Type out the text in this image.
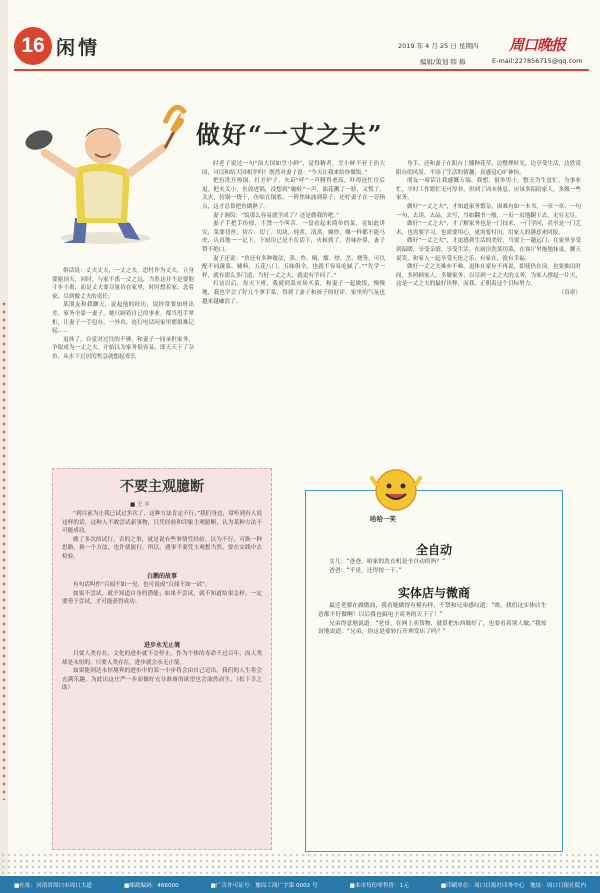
16 闲情	2019 年 4 月 25 日 星期四 周口晚报
编辑/策划 韩 梅	E-mail:227856715@qq.com
做好“一丈之夫”

俗话说：丈夫丈夫，一丈之夫。思忖作为丈夫，立身要能顶天，同时，与家不离一丈之远，当然这并不是要他寸步不离，而是丈夫要尽量待在家里，时时想着家，念着家，尽到做丈夫的责任。

某朋友和我聊天，说起他的经历，说经常要加班出差，家务全靠一妻子，她只顾着自己的事业，都当甩手掌柜，让妻子一手包办，一外出，连打电话问家里都很难记起……

退休了，自觉对过往的不够，和妻子一同承担家务，争取成为一丈之夫。开始以为家务很容易，即天天下了杂鱼，从水下过居的焦急就想起香长

时老子说过一句“治大国如烹小鲜”，觉得精者，烹小鲜不亚于治大国，可以和给大国相差吗？既然对妻子说：“今天让我来给你做饭。”

把鱼洗开热锅，打开炉子，火苗“呼”一声腾得老高，吓得连忙往后退，把火关小，鱼放进锅，没想到“嗞啦”一声，油花溅了一脸，又慌了，关火，待锅一烧干，鱼贴在锅底，一阵焦味涌到鼻子，还好妻子在一旁指点，这才总算把鱼做熟了。

妻子调侃：“饭那么容易就学成了？还是做我的吧。”

妻子手把手传授，不禁一个叫苦。一盘看起来简单的菜，竟如此讲究，菜要切丝、切片、切丁、切块，炖煮、清蒸、爆炒，哪一样都不能马虎，认真地一一记下，下厨房已是不在话下，火候到了，香味扑鼻，妻子赞不绝口。

妻子还说：“鱼还有多种做法，蒸、炸、焖、熘、炒、烹、烧等，可以配不同蔬菜、辅料，五花八门，五味俱全，也就不容易吃腻了。”“先学一样，就有那么多门道，当好一丈之夫，就更有学问了。”

打这以后，每天下班，我就到菜市场买菜，和妻子一起做饭，慢慢地，我也学会了好几个拿手菜，得到了妻子和孩子的好评，家里的气氛也越来越融洽了。

身手，还和妻子在阳台上播种花草，边整理时光，边享受生活，边欣赏阳台的风景，平添了生活的情趣，真感觉心旷神怡。

朋友一席话让我感慨万端。我想，很多男士，整天为生意忙、为事业忙，平时工作繁忙无可厚非，但到了周末休息，应该多陪陪家人，多做一些家务。

做好“一丈之夫”，才知道家务繁杂，困难有如一本书，一章一章、一句一句，去读，去品，去写，当如翻书一般，一页一页地翻下去，无穷无尽。

做好“一丈之夫”，才了解家务也是一门技术，一门学问，甚至是一门艺术，也需要学习，也需要用心，更需要付出，用家人的满意来回报。

做好“一丈之夫”，才更感到生活的美好，当要上一趟远门，在家里享受到温暖，享受亲情，享受生活。在厨房洗菜切菜，在客厅里拖地抹桌，聊天说笑，和家人一起享受天伦之乐，有家在，就有幸福。

做好一丈之夫难亦不难，退休在家应不再说，即使仍在岗，也要抽出时间，多照顾家人，多做家务，以尽到一丈之夫的义务，为家人撑起一片天，这是一丈之夫的最好诠释，而我，正朝着这个目标努力。

（首席）

不要主观臆断
■ 王 丰

“到目前为止我已试过多次了，这种方法肯定不行。”我们身边，常听到有人说这样的话，这种人不敢尝试新事物，只凭经验和印象主观臆断，认为某种方法不可能成功。

做了多次的试行，否的之事，就是说有些事情凭经验，以为不行，可换一种思路，换一个方法，也许就能行。所以，遇事不要凭主观想当然，要在实践中去检验。

白鹅的故事

有句话叫作“百闻不如一见，也可说成“百闻不如一试”。

如果不尝试，就不知道自身的潜能；如果不尝试，就不知道结果怎样。一定要勇于尝试，才可能获得成功。

进步永无止境

只要人类存在，文化的进步就不会停止，作为个体的寿命不过百年，而人类却是永恒的。只要人类存在，进步就会永无止境。

如果能到达永恒境界的进步中的某一小步将会由自己迈出，我们的人生将会充满乐趣，为此出这庄严一步而做好充分准备的欲望也会油然而生。（松下幸之助）

哈哈一笑
全自动

女儿：“爸爸，咱家的洗衣机是全自动的吗？”

爸爸：“不是，还得按一下。”

实体店与微商

最近老婆在做微商，我看她做得有模有样，不禁和兄弟感叹道：“唉，我们这实体店生意都不好做啊！以后我也搞电子商务的天下了！”

兄弟得意地说道：“老哥，在网上卖货物，就算把东西做好了，也要看着别人做。”我惊讶地说道：“兄弟，你这是要转行开理发店了吗？”

■社址：河南省周口市周口大道	■邮政编码：466000	■广告许可证号：豫周工商广字第 0002 号	■本市每份零售价：1元	■印刷单位：周口日报社印务中心　地址：周口日报社院内
